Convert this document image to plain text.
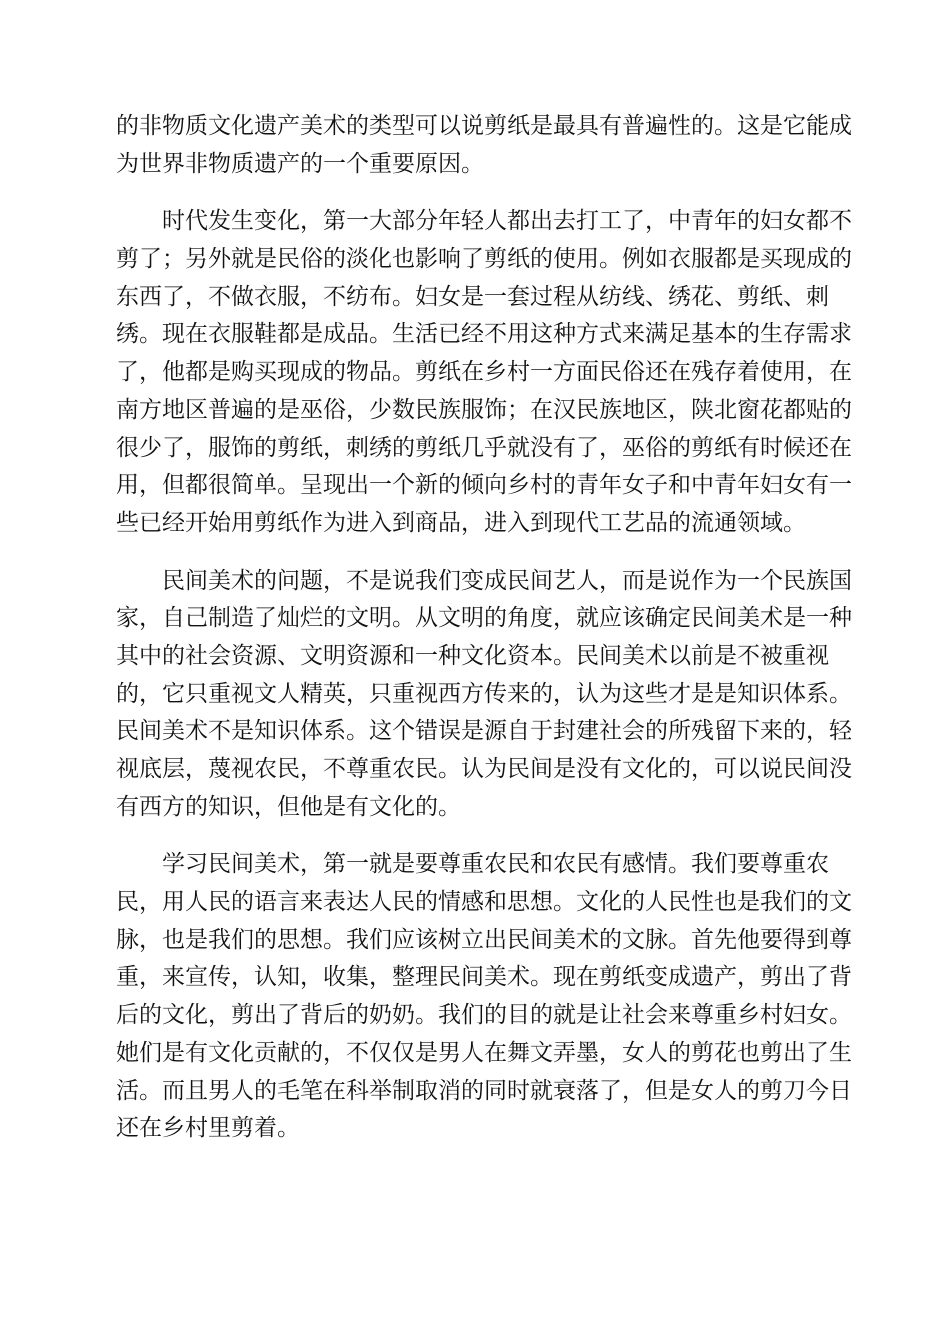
的非物质文化遗产美术的类型可以说剪纸是最具有普遍性的。这是它能成
为世界非物质遗产的一个重要原因。
　　时代发生变化，第一大部分年轻人都出去打工了，中青年的妇女都不
剪了；另外就是民俗的淡化也影响了剪纸的使用。例如衣服都是买现成的
东西了，不做衣服，不纺布。妇女是一套过程从纺线、绣花、剪纸、刺
绣。现在衣服鞋都是成品。生活已经不用这种方式来满足基本的生存需求
了，他都是购买现成的物品。剪纸在乡村一方面民俗还在残存着使用，在
南方地区普遍的是巫俗，少数民族服饰；在汉民族地区，陕北窗花都贴的
很少了，服饰的剪纸，刺绣的剪纸几乎就没有了，巫俗的剪纸有时候还在
用，但都很简单。呈现出一个新的倾向乡村的青年女子和中青年妇女有一
些已经开始用剪纸作为进入到商品，进入到现代工艺品的流通领域。
　　民间美术的问题，不是说我们变成民间艺人，而是说作为一个民族国
家，自己制造了灿烂的文明。从文明的角度，就应该确定民间美术是一种
其中的社会资源、文明资源和一种文化资本。民间美术以前是不被重视
的，它只重视文人精英，只重视西方传来的，认为这些才是是知识体系。
民间美术不是知识体系。这个错误是源自于封建社会的所残留下来的，轻
视底层，蔑视农民，不尊重农民。认为民间是没有文化的，可以说民间没
有西方的知识，但他是有文化的。
　　学习民间美术，第一就是要尊重农民和农民有感情。我们要尊重农
民，用人民的语言来表达人民的情感和思想。文化的人民性也是我们的文
脉，也是我们的思想。我们应该树立出民间美术的文脉。首先他要得到尊
重，来宣传，认知，收集，整理民间美术。现在剪纸变成遗产，剪出了背
后的文化，剪出了背后的奶奶。我们的目的就是让社会来尊重乡村妇女。
她们是有文化贡献的，不仅仅是男人在舞文弄墨，女人的剪花也剪出了生
活。而且男人的毛笔在科举制取消的同时就衰落了，但是女人的剪刀今日
还在乡村里剪着。
